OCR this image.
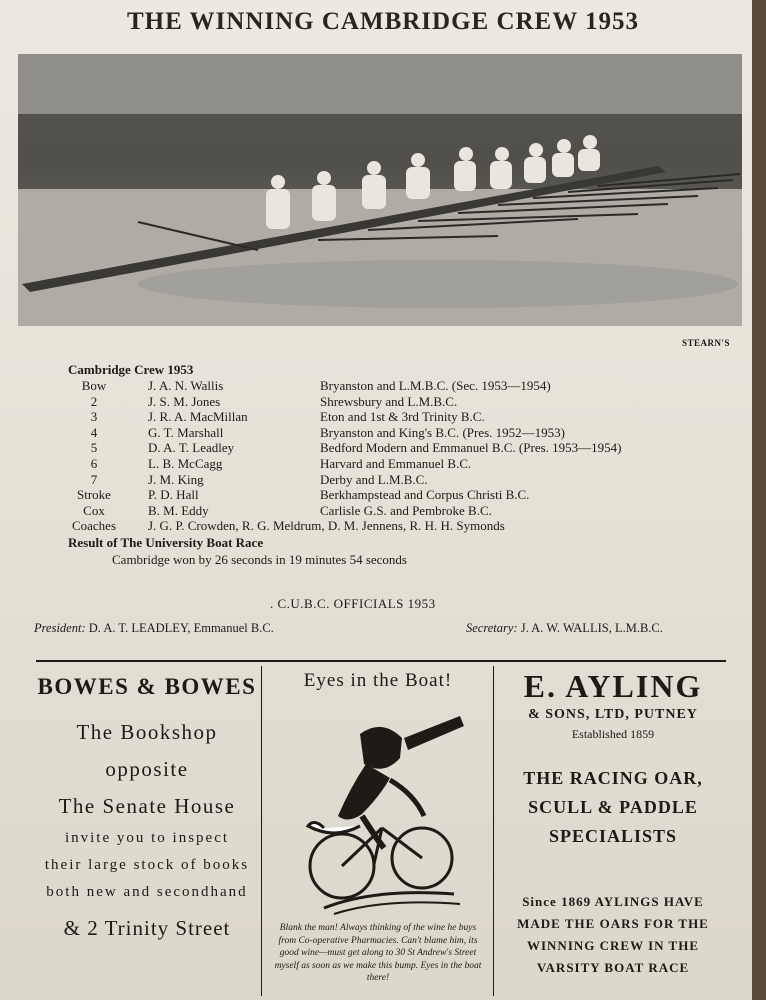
THE WINNING CAMBRIDGE CREW 1953
STEARN'S
Cambridge Crew 1953
Bow	J. A. N. Wallis	Bryanston and L.M.B.C. (Sec. 1953—1954)
2	J. S. M. Jones	Shrewsbury and L.M.B.C.
3	J. R. A. MacMillan	Eton and 1st & 3rd Trinity B.C.
4	G. T. Marshall	Bryanston and King's B.C. (Pres. 1952—1953)
5	D. A. T. Leadley	Bedford Modern and Emmanuel B.C. (Pres. 1953—1954)
6	L. B. McCagg	Harvard and Emmanuel B.C.
7	J. M. King	Derby and L.M.B.C.
Stroke	P. D. Hall	Berkhampstead and Corpus Christi B.C.
Cox	B. M. Eddy	Carlisle G.S. and Pembroke B.C.
Coaches	J. G. P. Crowden, R. G. Meldrum, D. M. Jennens, R. H. H. Symonds
Result of The University Boat Race
Cambridge won by 26 seconds in 19 minutes 54 seconds
. C.U.B.C. OFFICIALS 1953
President: D. A. T. LEADLEY, Emmanuel B.C.	Secretary: J. A. W. WALLIS, L.M.B.C.
BOWES & BOWES
The Bookshop
opposite
The Senate House
invite you to inspect
their large stock of books
both new and secondhand
& 2 Trinity Street
Eyes in the Boat!
Blank the man! Always thinking of the wine he buys from Co-operative Pharmacies. Can't blame him, its good wine—must get along to 30 St Andrew's Street myself as soon as we make this bump. Eyes in the boat there!
E. AYLING
& SONS, LTD, PUTNEY
Established 1859
THE RACING OAR,
SCULL & PADDLE
SPECIALISTS
Since 1869 AYLINGS HAVE
MADE THE OARS FOR THE
WINNING CREW IN THE
VARSITY BOAT RACE
